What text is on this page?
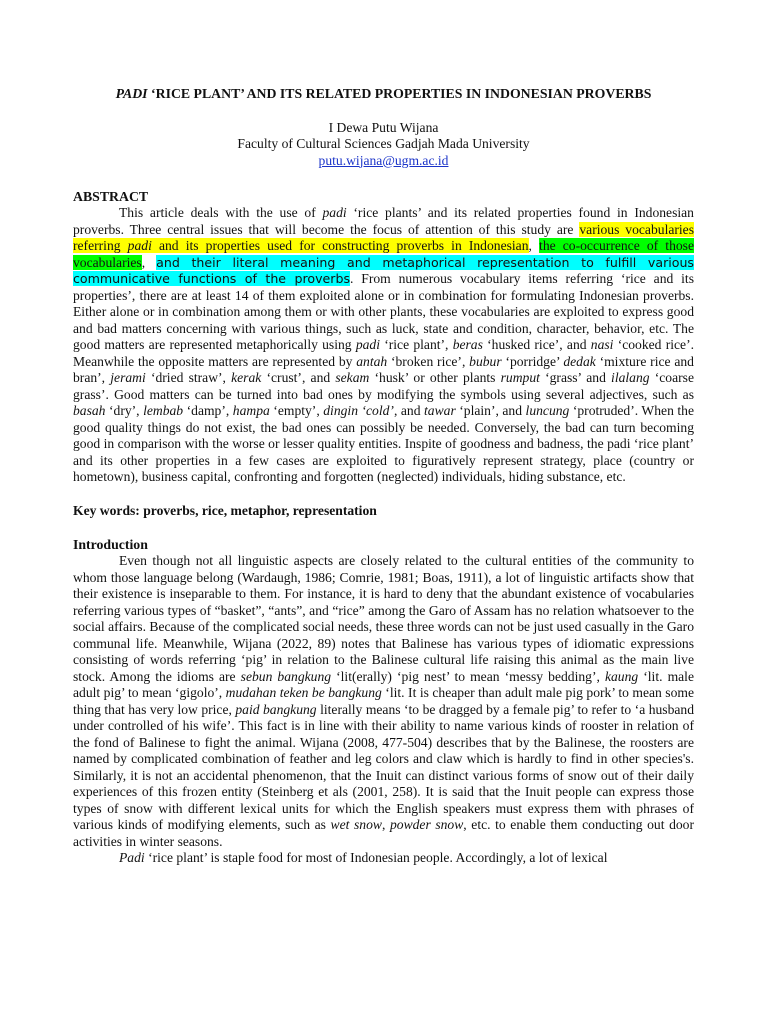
PADI ‘RICE PLANT’ AND ITS RELATED PROPERTIES IN INDONESIAN PROVERBS

I Dewa Putu Wijana

Faculty of Cultural Sciences Gadjah Mada University

putu.wijana@ugm.ac.id

ABSTRACT

This article deals with the use of padi ‘rice plants’ and its related properties found in Indonesian proverbs. Three central issues that will become the focus of attention of this study are various vocabularies referring padi and its properties used for constructing proverbs in Indonesian, the co-occurrence of those vocabularies, and their literal meaning and metaphorical representation to fulfill various communicative functions of the proverbs. From numerous vocabulary items referring ‘rice and its properties’, there are at least 14 of them exploited alone or in combination for formulating Indonesian proverbs. Either alone or in combination among them or with other plants, these vocabularies are exploited to express good and bad matters concerning with various things, such as luck, state and condition, character, behavior, etc. The good matters are represented metaphorically using padi ‘rice plant’, beras ‘husked rice’, and nasi ‘cooked rice’. Meanwhile the opposite matters are represented by antah ‘broken rice’, bubur ‘porridge’ dedak ‘mixture rice and bran’, jerami ‘dried straw’, kerak ‘crust’, and sekam ‘husk’ or other plants rumput ‘grass’ and ilalang ‘coarse grass’. Good matters can be turned into bad ones by modifying the symbols using several adjectives, such as basah ‘dry’, lembab ‘damp’, hampa ‘empty’, dingin ‘cold’, and tawar ‘plain’, and luncung ‘protruded’. When the good quality things do not exist, the bad ones can possibly be needed. Conversely, the bad can turn becoming good in comparison with the worse or lesser quality entities. Inspite of goodness and badness, the padi ‘rice plant’ and its other properties in a few cases are exploited to figuratively represent strategy, place (country or hometown), business capital, confronting and forgotten (neglected) individuals, hiding substance, etc.

Key words: proverbs, rice, metaphor, representation
Introduction

Even though not all linguistic aspects are closely related to the cultural entities of the community to whom those language belong (Wardaugh, 1986; Comrie, 1981; Boas, 1911), a lot of linguistic artifacts show that their existence is inseparable to them. For instance, it is hard to deny that the abundant existence of vocabularies referring various types of “basket”, “ants”, and “rice” among the Garo of Assam has no relation whatsoever to the social affairs. Because of the complicated social needs, these three words can not be just used casually in the Garo communal life. Meanwhile, Wijana (2022, 89) notes that Balinese has various types of idiomatic expressions consisting of words referring ‘pig’ in relation to the Balinese cultural life raising this animal as the main live stock. Among the idioms are sebun bangkung ‘lit(erally) ‘pig nest’ to mean ‘messy bedding’, kaung ‘lit. male adult pig’ to mean ‘gigolo’, mudahan teken be bangkung ‘lit. It is cheaper than adult male pig pork’ to mean some thing that has very low price, paid bangkung literally means ‘to be dragged by a female pig’ to refer to ‘a husband under controlled of his wife’. This fact is in line with their ability to name various kinds of rooster in relation of the fond of Balinese to fight the animal. Wijana (2008, 477-504) describes that by the Balinese, the roosters are named by complicated combination of feather and leg colors and claw which is hardly to find in other species's. Similarly, it is not an accidental phenomenon, that the Inuit can distinct various forms of snow out of their daily experiences of this frozen entity (Steinberg et als (2001, 258). It is said that the Inuit people can express those types of snow with different lexical units for which the English speakers must express them with phrases of various kinds of modifying elements, such as wet snow, powder snow, etc. to enable them conducting out door activities in winter seasons.

Padi ‘rice plant’ is staple food for most of Indonesian people. Accordingly, a lot of lexical
